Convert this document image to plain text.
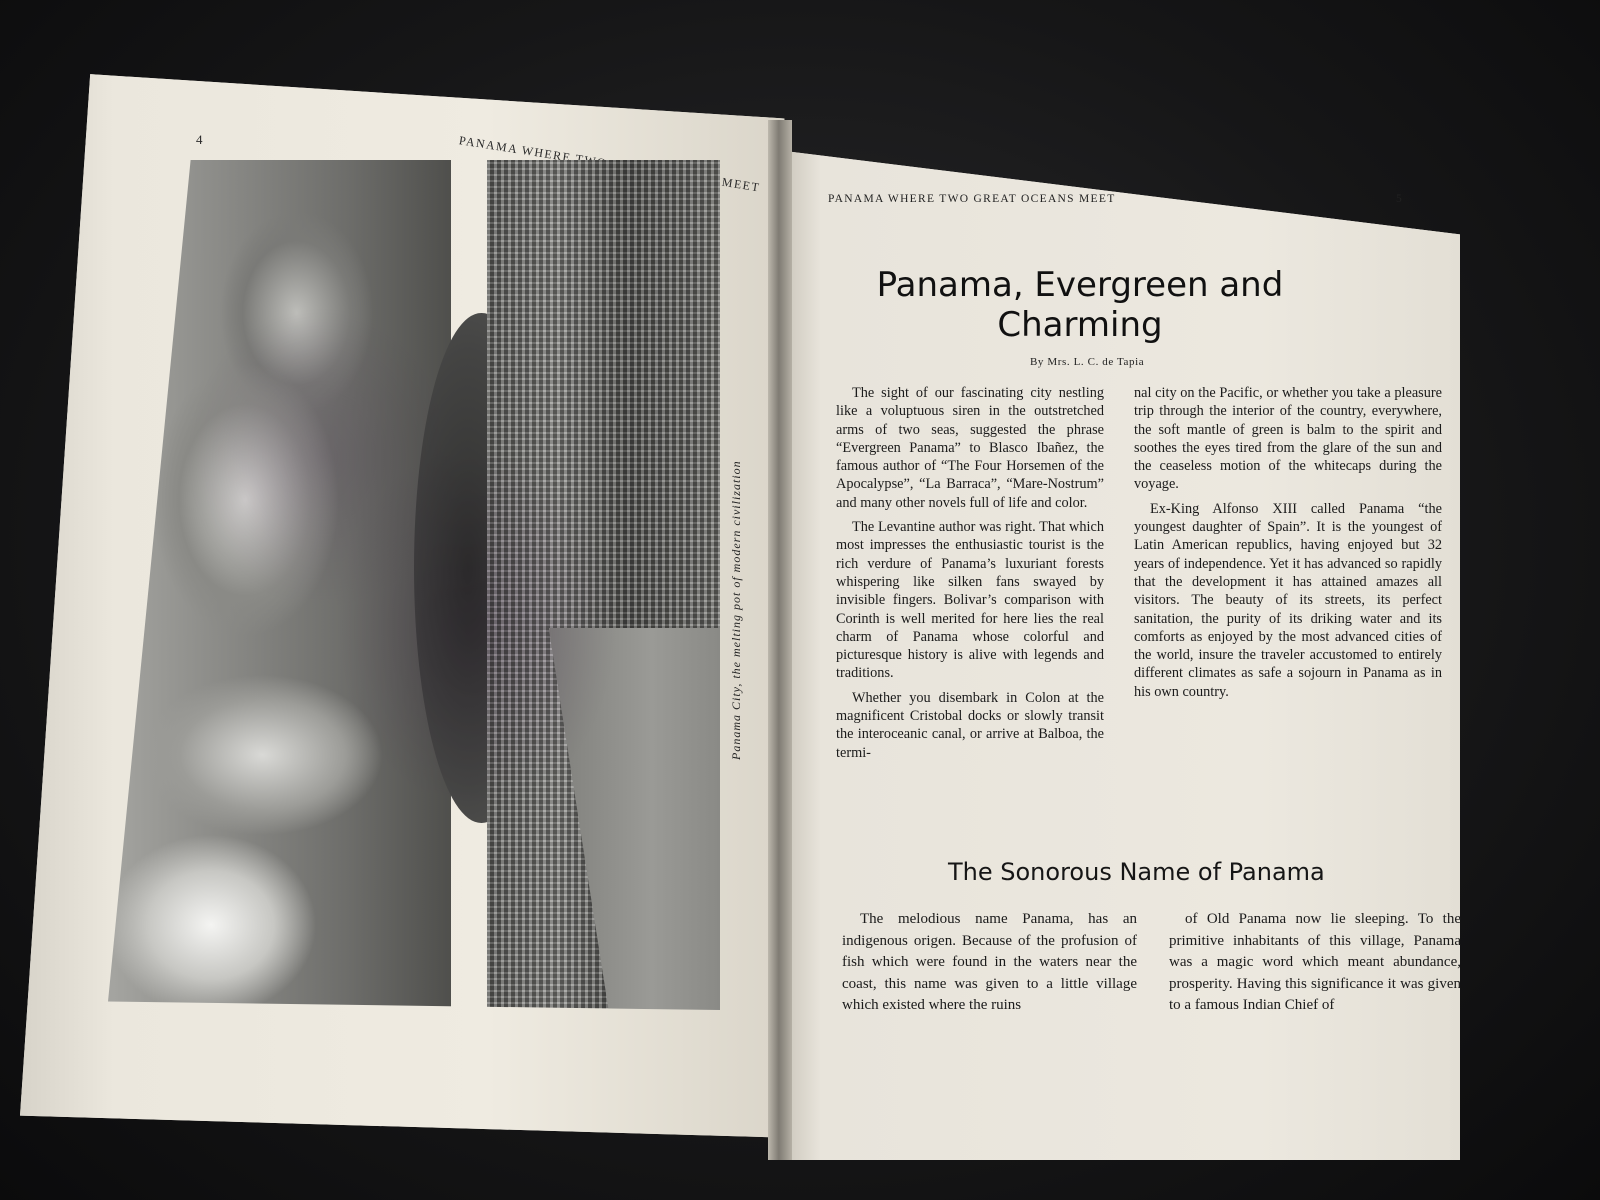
4	PANAMA WHERE MEET
Panama City, the melting pot of modern civilization
PANAMA WHERE TWO GREAT OCEANS MEET	5
Panama, Evergreen and
Charming
By Mrs. L. C. de Tapia

The sight of our fascinating city nestling like a voluptuous siren in the outstretched arms of two seas, suggested the phrase “Evergreen Panama” to Blasco Ibañez, the famous author of “The Four Horsemen of the Apocalypse”, “La Barraca”, “Mare-Nostrum” and many other novels full of life and color.

The Levantine author was right. That which most impresses the enthusiastic tourist is the rich verdure of Panama’s luxuriant forests whispering like silken fans swayed by invisible fingers. Bolivar’s comparison with Corinth is well merited for here lies the real charm of Panama whose colorful and picturesque history is alive with legends and traditions.

Whether you disembark in Colon at the magnificent Cristobal docks or slowly transit the interoceanic canal, or arrive at Balboa, the termi-

nal city on the Pacific, or whether you take a pleasure trip through the interior of the country, everywhere, the soft mantle of green is balm to the spirit and soothes the eyes tired from the glare of the sun and the ceaseless motion of the whitecaps during the voyage.

Ex-King Alfonso XIII called Panama “the youngest daughter of Spain”. It is the youngest of Latin American republics, having enjoyed but 32 years of independence. Yet it has advanced so rapidly that the development it has attained amazes all visitors. The beauty of its streets, its perfect sanitation, the purity of its driking water and its comforts as enjoyed by the most advanced cities of the world, insure the traveler accustomed to entirely different climates as safe a sojourn in Panama as in his own country.

The Sonorous Name of Panama

The melodious name Panama, has an indigenous origen. Because of the profusion of fish which were found in the waters near the coast, this name was given to a little village which existed where the ruins

of Old Panama now lie sleeping. To the primitive inhabitants of this village, Panama was a magic word which meant abundance, prosperity. Having this significance it was given to a famous Indian Chief of
